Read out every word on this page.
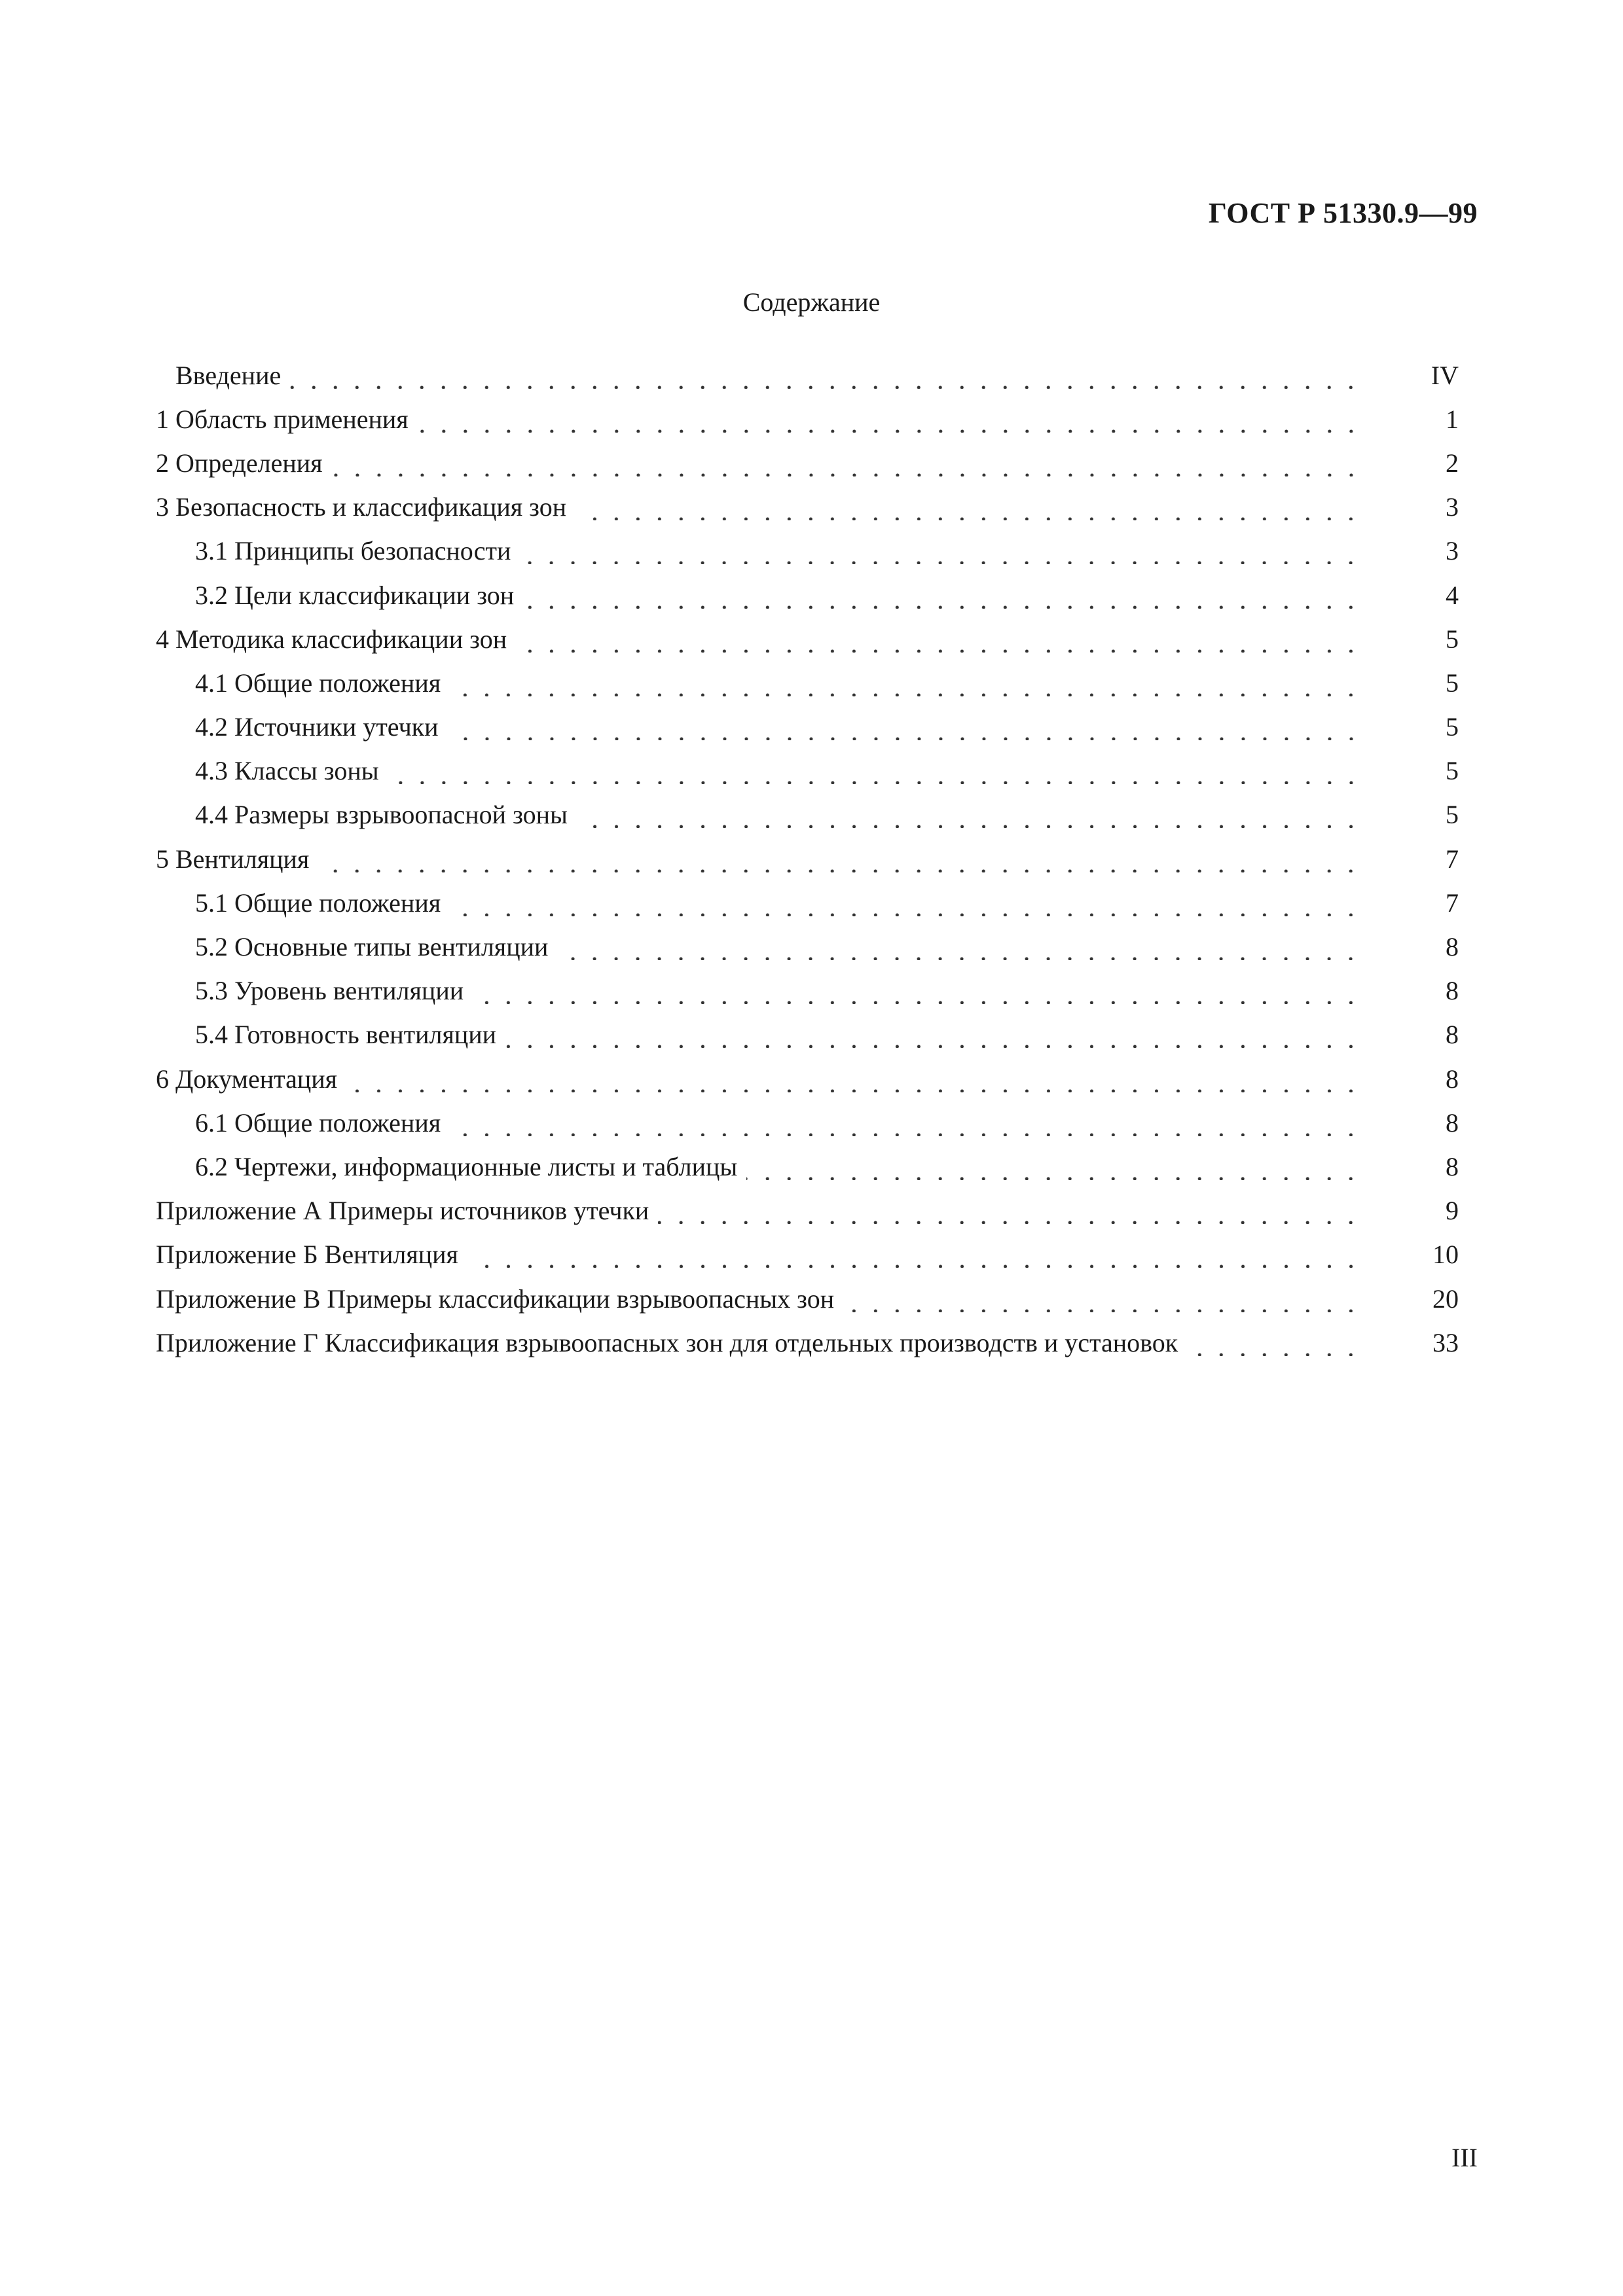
ГОСТ Р 51330.9—99
Содержание
Введение	IV
1 Область применения	1
2 Определения	2
3 Безопасность и классификация зон	3
3.1 Принципы безопасности	3
3.2 Цели классификации зон	4
4 Методика классификации зон	5
4.1 Общие положения	5
4.2 Источники утечки	5
4.3 Классы зоны	5
4.4 Размеры взрывоопасной зоны	5
5 Вентиляция	7
5.1 Общие положения	7
5.2 Основные типы вентиляции	8
5.3 Уровень вентиляции	8
5.4 Готовность вентиляции	8
6 Документация	8
6.1 Общие положения	8
6.2 Чертежи, информационные листы и таблицы	8
Приложение А Примеры источников утечки	9
Приложение Б Вентиляция	10
Приложение В Примеры классификации взрывоопасных зон	20
Приложение Г Классификация взрывоопасных зон для отдельных производств и установок	33
III
